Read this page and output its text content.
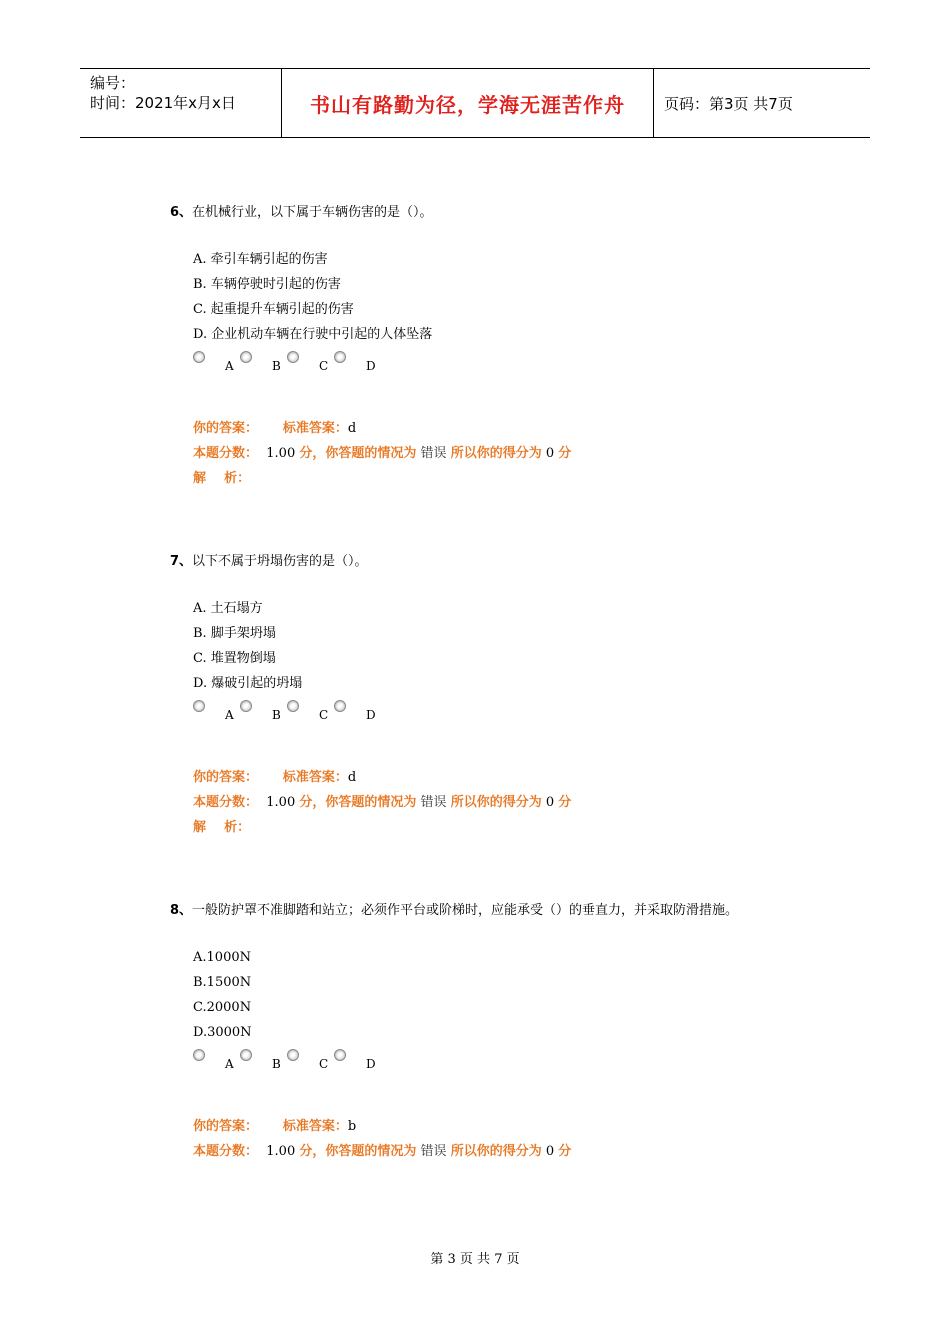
编号：
时间：2021年x月x日	书山有路勤为径，学海无涯苦作舟	页码：第3页 共7页
6、在机械行业，以下属于车辆伤害的是（）。
A. 牵引车辆引起的伤害
B. 车辆停驶时引起的伤害
C. 起重提升车辆引起的伤害
D. 企业机动车辆在行驶中引起的人体坠落
A	B	C	D
你的答案： 标准答案：d
本题分数： 1.00 分，你答题的情况为 错误 所以你的得分为 0 分
解    析：
7、以下不属于坍塌伤害的是（）。
A. 土石塌方
B. 脚手架坍塌
C. 堆置物倒塌
D. 爆破引起的坍塌
A	B	C	D
你的答案： 标准答案：d
本题分数： 1.00 分，你答题的情况为 错误 所以你的得分为 0 分
解    析：
8、一般防护罩不准脚踏和站立；必须作平台或阶梯时，应能承受（）的垂直力，并采取防滑措施。
A.1000N
B.1500N
C.2000N
D.3000N
A	B	C	D
你的答案： 标准答案：b
本题分数： 1.00 分，你答题的情况为 错误 所以你的得分为 0 分
第 3 页 共 7 页
